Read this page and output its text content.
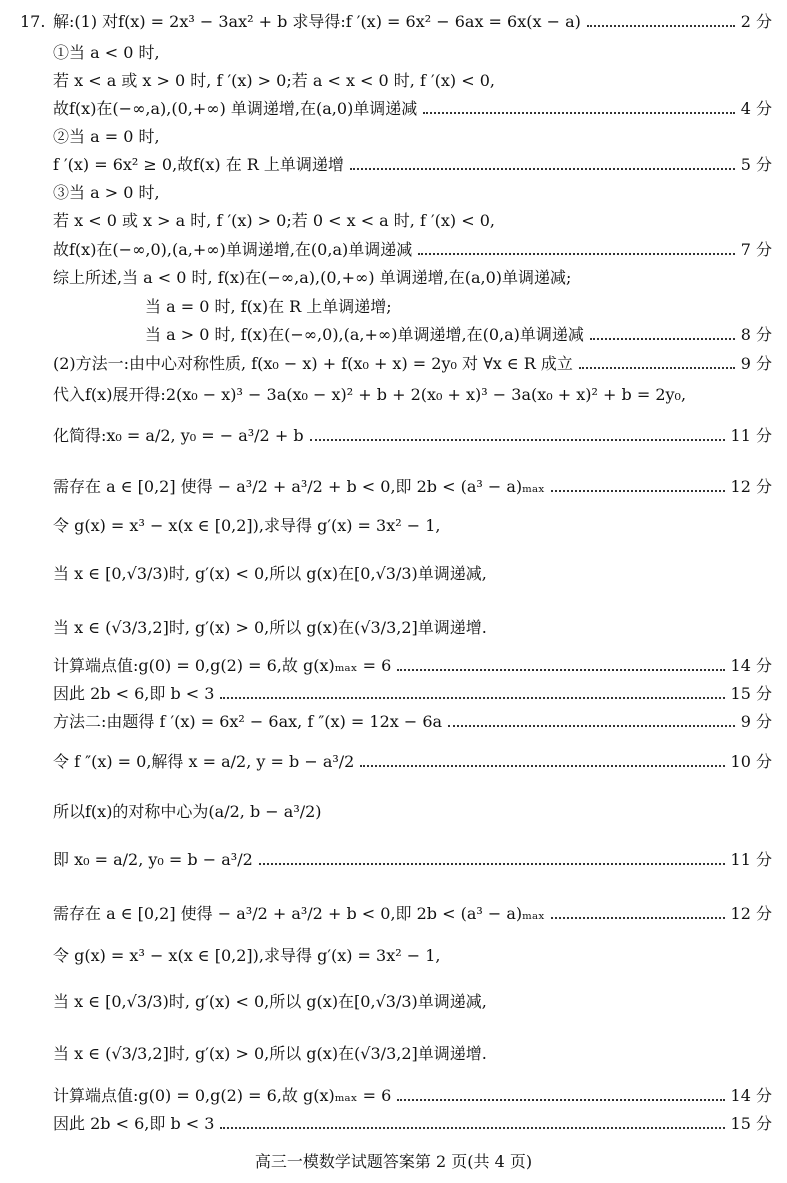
17. 解:(1) 对f(x) = 2x³ − 3ax² + b 求导得:f ′(x) = 6x² − 6ax = 6x(x − a)	2 分
①当 a < 0 时,
若 x < a 或 x > 0 时, f ′(x) > 0;若 a < x < 0 时, f ′(x) < 0,
故f(x)在(−∞,a),(0,+∞) 单调递增,在(a,0)单调递减	4 分
②当 a = 0 时,
f ′(x) = 6x² ≥ 0,故f(x) 在 R 上单调递增	5 分
③当 a > 0 时,
若 x < 0 或 x > a 时, f ′(x) > 0;若 0 < x < a 时, f ′(x) < 0,
故f(x)在(−∞,0),(a,+∞)单调递增,在(0,a)单调递减	7 分
综上所述,当 a < 0 时, f(x)在(−∞,a),(0,+∞) 单调递增,在(a,0)单调递减;
当 a = 0 时, f(x)在 R 上单调递增;
当 a > 0 时, f(x)在(−∞,0),(a,+∞)单调递增,在(0,a)单调递减	8 分
(2)方法一:由中心对称性质, f(x₀ − x) + f(x₀ + x) = 2y₀ 对 ∀x ∈ R 成立	9 分
代入f(x)展开得:2(x₀ − x)³ − 3a(x₀ − x)² + b + 2(x₀ + x)³ − 3a(x₀ + x)² + b = 2y₀,
化简得:x₀ = a/2, y₀ = − a³/2 + b	11 分
需存在 a ∈ [0,2] 使得 − a³/2 + a³/2 + b < 0,即 2b < (a³ − a)ₘₐₓ	12 分
令 g(x) = x³ − x(x ∈ [0,2]),求导得 g′(x) = 3x² − 1,
当 x ∈ [0,√3/3)时, g′(x) < 0,所以 g(x)在[0,√3/3)单调递减,
当 x ∈ (√3/3,2]时, g′(x) > 0,所以 g(x)在(√3/3,2]单调递增.
计算端点值:g(0) = 0,g(2) = 6,故 g(x)ₘₐₓ = 6	14 分
因此 2b < 6,即 b < 3	15 分
方法二:由题得 f ′(x) = 6x² − 6ax, f ″(x) = 12x − 6a	9 分
令 f ″(x) = 0,解得 x = a/2, y = b − a³/2	10 分
所以f(x)的对称中心为(a/2, b − a³/2)
即 x₀ = a/2, y₀ = b − a³/2	11 分
需存在 a ∈ [0,2] 使得 − a³/2 + a³/2 + b < 0,即 2b < (a³ − a)ₘₐₓ	12 分
令 g(x) = x³ − x(x ∈ [0,2]),求导得 g′(x) = 3x² − 1,
当 x ∈ [0,√3/3)时, g′(x) < 0,所以 g(x)在[0,√3/3)单调递减,
当 x ∈ (√3/3,2]时, g′(x) > 0,所以 g(x)在(√3/3,2]单调递增.
计算端点值:g(0) = 0,g(2) = 6,故 g(x)ₘₐₓ = 6	14 分
因此 2b < 6,即 b < 3	15 分
高三一模数学试题答案第 2 页(共 4 页)
